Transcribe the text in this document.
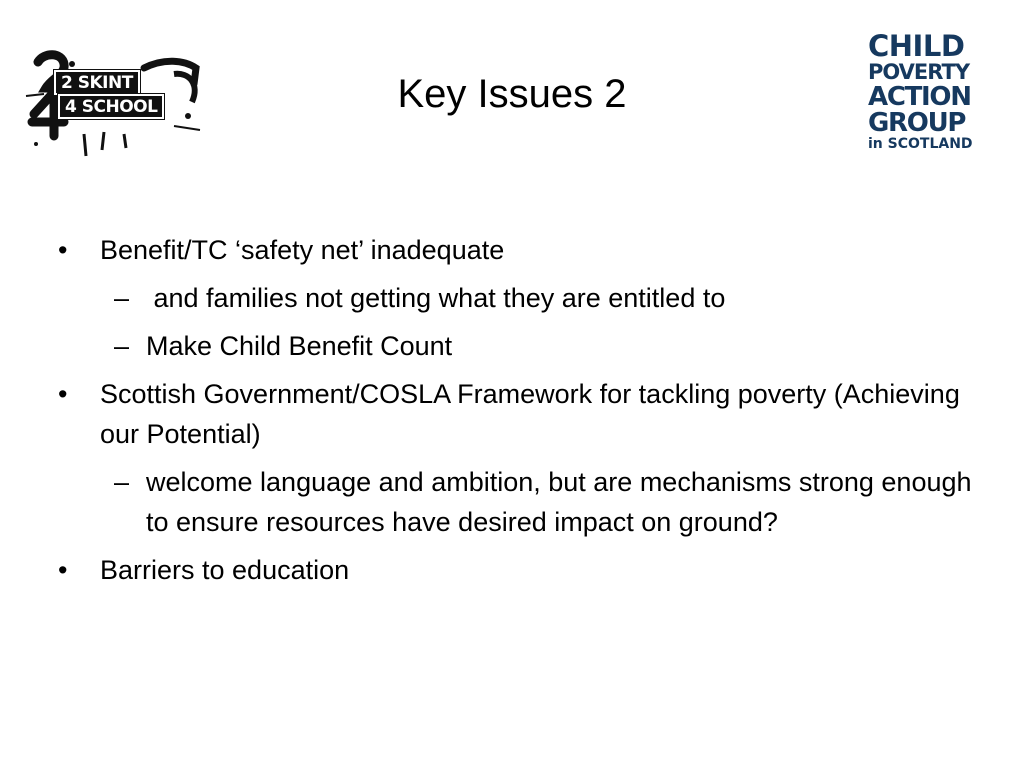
2 SKINT
4 SCHOOL	Key Issues 2
CHILD
POVERTY
ACTION
GROUP
in SCOTLAND
• Benefit/TC ‘safety net’ inadequate
– and families not getting what they are entitled to
– Make Child Benefit Count
• Scottish Government/COSLA Framework for tackling poverty (Achieving our Potential)
– welcome language and ambition, but are mechanisms strong enough to ensure resources have desired impact on ground?
• Barriers to education
